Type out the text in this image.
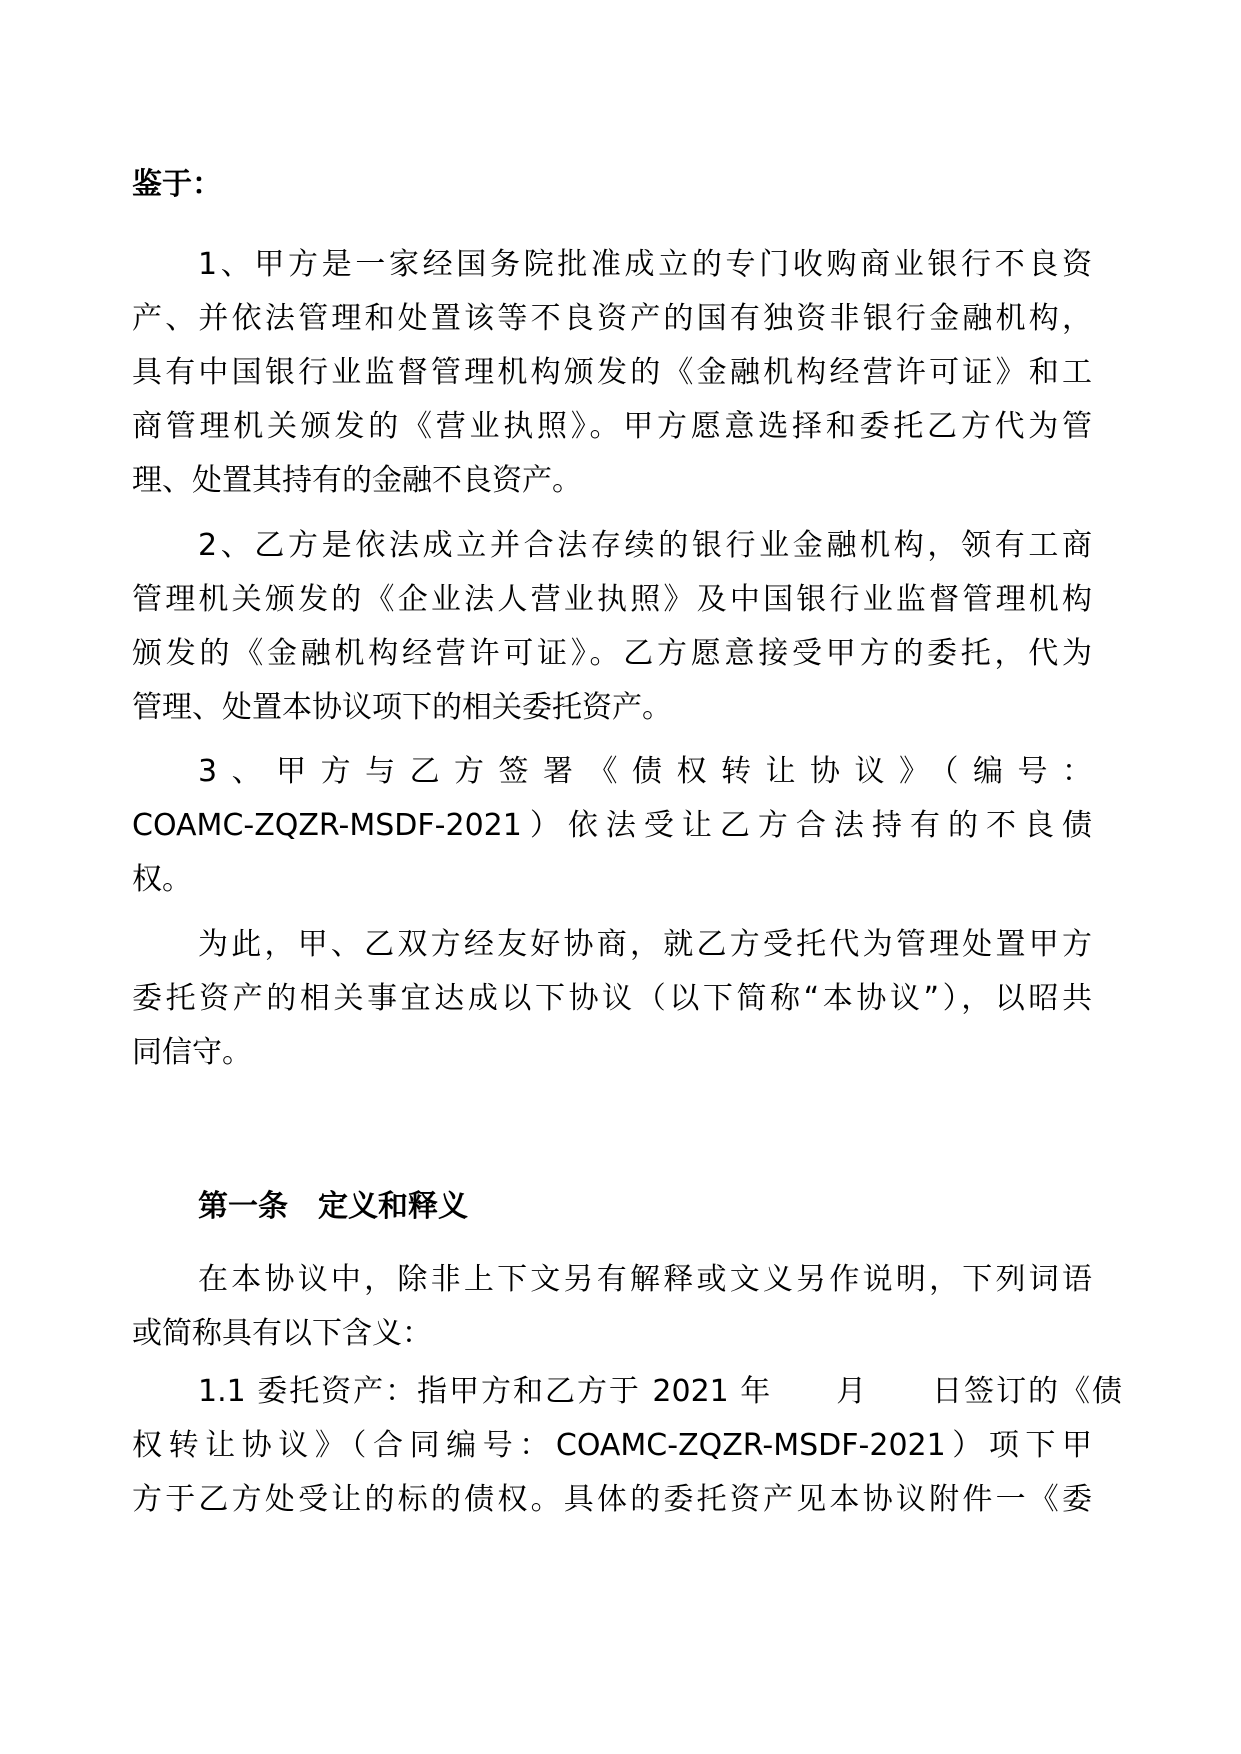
鉴于：

1、甲方是一家经国务院批准成立的专门收购商业银行不良资
产、并依法管理和处置该等不良资产的国有独资非银行金融机构，
具有中国银行业监督管理机构颁发的《金融机构经营许可证》和工
商管理机关颁发的《营业执照》。甲方愿意选择和委托乙方代为管
理、处置其持有的金融不良资产。
2、乙方是依法成立并合法存续的银行业金融机构，领有工商
管理机关颁发的《企业法人营业执照》及中国银行业监督管理机构
颁发的《金融机构经营许可证》。乙方愿意接受甲方的委托，代为
管理、处置本协议项下的相关委托资产。
3、甲方与乙方签署《债权转让协议》（编号：
COAMC-ZQZR-MSDF-2021）依法受让乙方合法持有的不良债
权。
为此，甲、乙双方经友好协商，就乙方受托代为管理处置甲方
委托资产的相关事宜达成以下协议（以下简称“本协议”），以昭共
同信守。

第一条　定义和释义

在本协议中，除非上下文另有解释或文义另作说明，下列词语
或简称具有以下含义：
1.1 委托资产：指甲方和乙方于 2021 年　　月　　日签订的《债
权转让协议》（合同编号：COAMC-ZQZR-MSDF-2021）项下甲
方于乙方处受让的标的债权。具体的委托资产见本协议附件一《委
